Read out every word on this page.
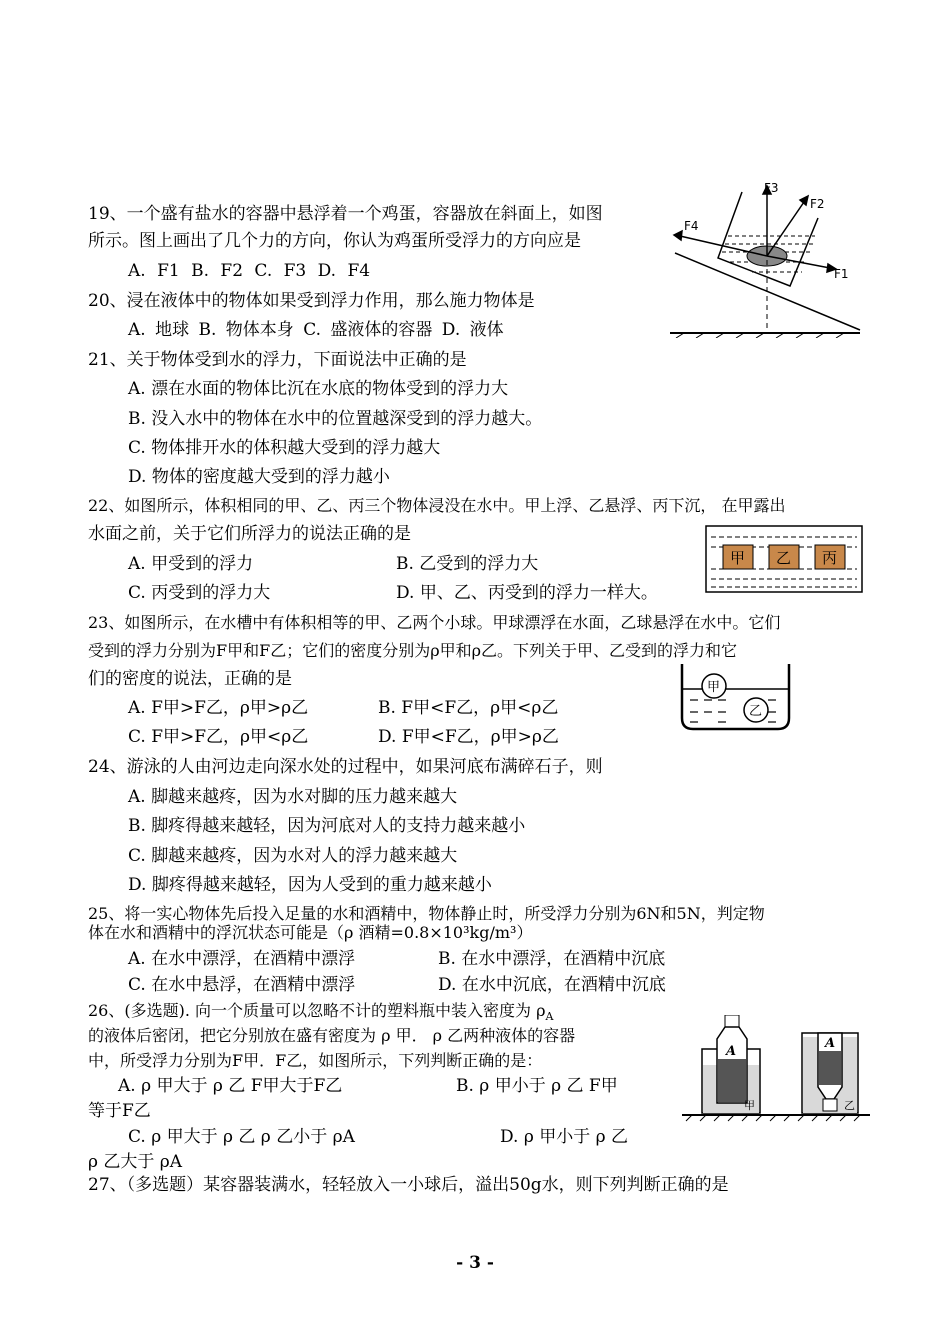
19、一个盛有盐水的容器中悬浮着一个鸡蛋，容器放在斜面上，如图
所示。图上画出了几个力的方向，你认为鸡蛋所受浮力的方向应是
A. F1 B. F2 C. F3 D. F4
20、浸在液体中的物体如果受到浮力作用，那么施力物体是
A. 地球 B. 物体本身 C. 盛液体的容器 D. 液体
21、关于物体受到水的浮力，下面说法中正确的是
A. 漂在水面的物体比沉在水底的物体受到的浮力大
B. 没入水中的物体在水中的位置越深受到的浮力越大。
C. 物体排开水的体积越大受到的浮力越大
D. 物体的密度越大受到的浮力越小
22、如图所示，体积相同的甲、乙、丙三个物体浸没在水中。甲上浮、乙悬浮、丙下沉， 在甲露出
水面之前，关于它们所浮力的说法正确的是
A. 甲受到的浮力	B. 乙受到的浮力大
C. 丙受到的浮力大	D. 甲、乙、丙受到的浮力一样大。
23、如图所示，在水槽中有体积相等的甲、乙两个小球。甲球漂浮在水面，乙球悬浮在水中。它们
受到的浮力分别为F甲和F乙；它们的密度分别为ρ甲和ρ乙。下列关于甲、乙受到的浮力和它
们的密度的说法，正确的是
A. F甲>F乙，ρ甲>ρ乙	B. F甲<F乙，ρ甲<ρ乙
C. F甲>F乙，ρ甲<ρ乙	D. F甲<F乙，ρ甲>ρ乙
24、游泳的人由河边走向深水处的过程中，如果河底布满碎石子，则
A. 脚越来越疼，因为水对脚的压力越来越大
B. 脚疼得越来越轻，因为河底对人的支持力越来越小
C. 脚越来越疼，因为水对人的浮力越来越大
D. 脚疼得越来越轻，因为人受到的重力越来越小
25、将一实心物体先后投入足量的水和酒精中，物体静止时，所受浮力分别为6N和5N，判定物
体在水和酒精中的浮沉状态可能是（ρ 酒精=0.8×10³kg/m³）
A. 在水中漂浮，在酒精中漂浮	B. 在水中漂浮，在酒精中沉底
C. 在水中悬浮，在酒精中漂浮	D. 在水中沉底，在酒精中沉底
26、(多选题). 向一个质量可以忽略不计的塑料瓶中装入密度为 $\rho_A$
的液体后密闭，把它分别放在盛有密度为 ρ 甲． ρ 乙两种液体的容器
中，所受浮力分别为F甲．F乙，如图所示，下列判断正确的是：
A. ρ 甲大于 ρ 乙 F甲大于F乙	B. ρ 甲小于 ρ 乙 F甲
等于F乙
C. ρ 甲大于 ρ 乙 ρ 乙小于 ρA	D. ρ 甲小于 ρ 乙
ρ 乙大于 ρA
27、（多选题）某容器装满水，轻轻放入一小球后，溢出50g水，则下列判断正确的是
F3
F2
F4
F1
甲 乙 丙
甲
乙
A
甲
A
乙
- 3 -
